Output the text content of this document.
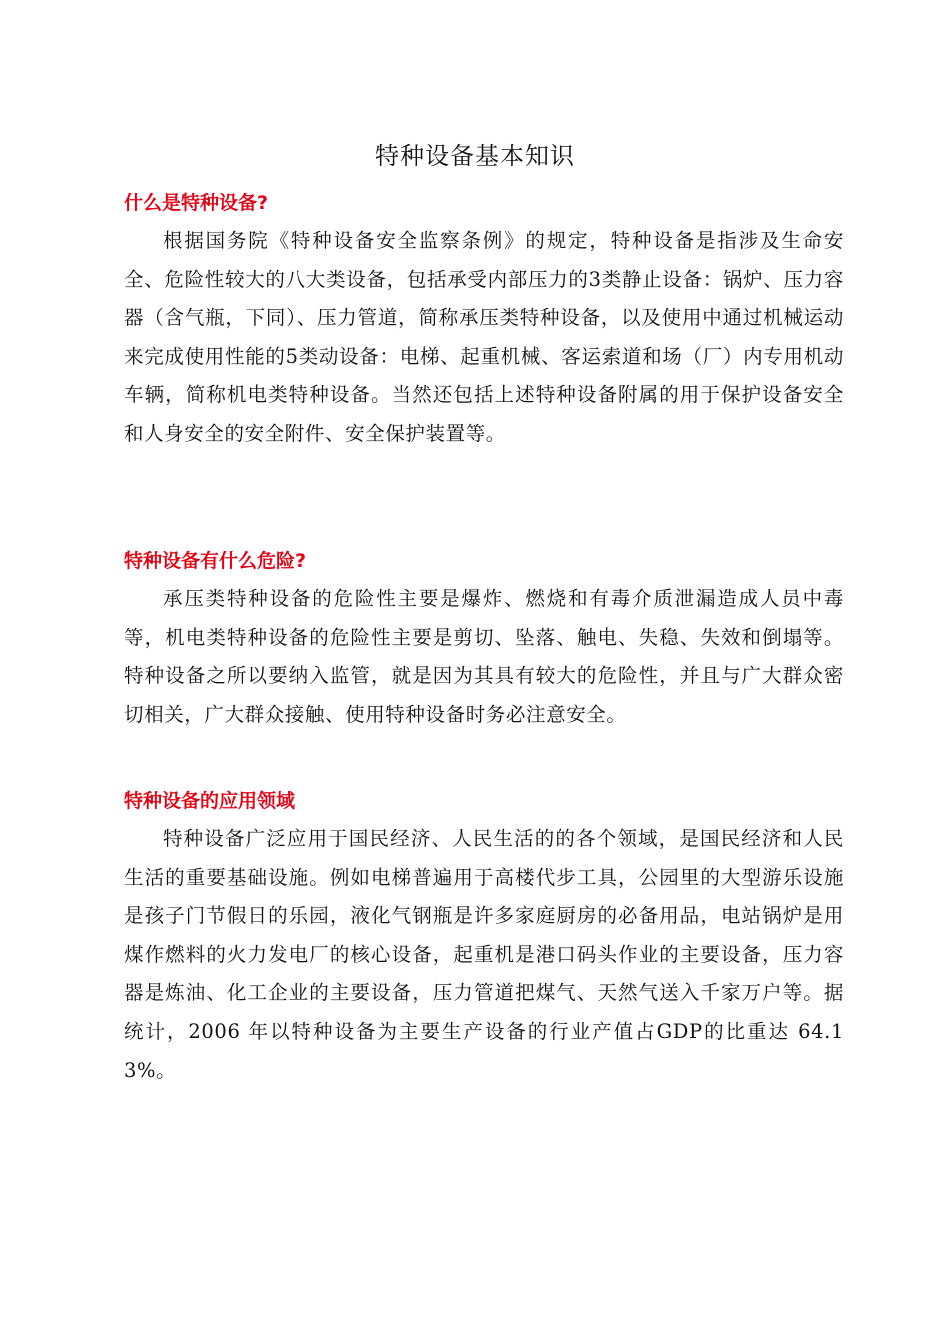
特种设备基本知识
什么是特种设备?

根据国务院《特种设备安全监察条例》的规定，特种设备是指涉及生命安全、危险性较大的八大类设备，包括承受内部压力的3类静止设备：锅炉、压力容器（含气瓶，下同）、压力管道，简称承压类特种设备，以及使用中通过机械运动来完成使用性能的5类动设备：电梯、起重机械、客运索道和场（厂）内专用机动车辆，简称机电类特种设备。当然还包括上述特种设备附属的用于保护设备安全和人身安全的安全附件、安全保护装置等。

特种设备有什么危险?

承压类特种设备的危险性主要是爆炸、燃烧和有毒介质泄漏造成人员中毒等，机电类特种设备的危险性主要是剪切、坠落、触电、失稳、失效和倒塌等。特种设备之所以要纳入监管，就是因为其具有较大的危险性，并且与广大群众密切相关，广大群众接触、使用特种设备时务必注意安全。

特种设备的应用领域

特种设备广泛应用于国民经济、人民生活的的各个领域，是国民经济和人民生活的重要基础设施。例如电梯普遍用于高楼代步工具，公园里的大型游乐设施是孩子门节假日的乐园，液化气钢瓶是许多家庭厨房的必备用品，电站锅炉是用煤作燃料的火力发电厂的核心设备，起重机是港口码头作业的主要设备，压力容器是炼油、化工企业的主要设备，压力管道把煤气、天然气送入千家万户等。据统计，2006 年以特种设备为主要生产设备的行业产值占GDP的比重达 64.13%。
